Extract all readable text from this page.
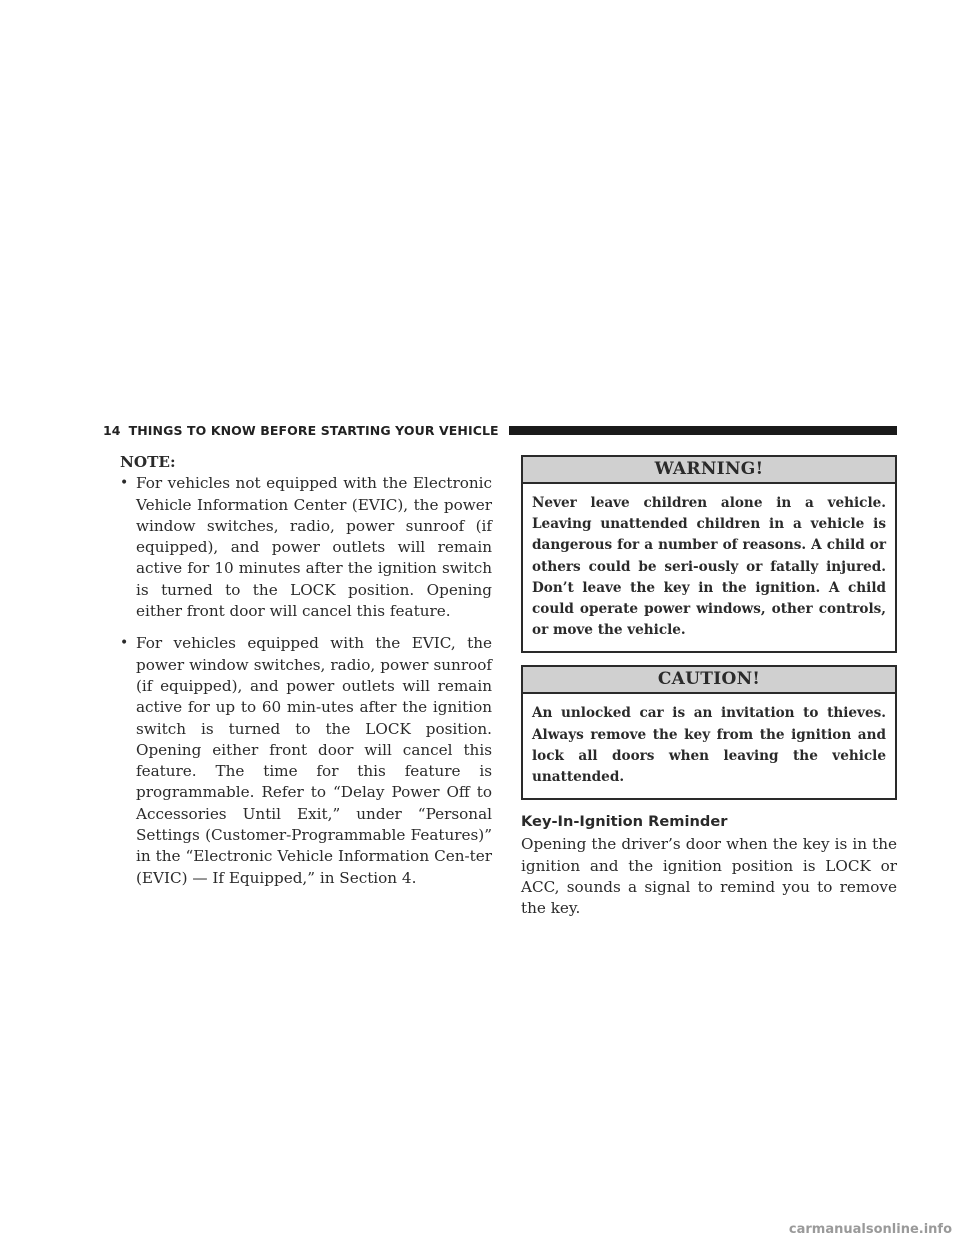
14 THINGS TO KNOW BEFORE STARTING YOUR VEHICLE
NOTE:
• For vehicles not equipped with the Electronic Vehicle Information Center (EVIC), the power window switches, radio, power sunroof (if equipped), and power outlets will remain active for 10 minutes after the ignition switch is turned to the LOCK position. Opening either front door will cancel this feature.
• For vehicles equipped with the EVIC, the power window switches, radio, power sunroof (if equipped), and power outlets will remain active for up to 60 min-utes after the ignition switch is turned to the LOCK position. Opening either front door will cancel this feature. The time for this feature is programmable. Refer to “Delay Power Off to Accessories Until Exit,” under “Personal Settings (Customer-Programmable Features)” in the “Electronic Vehicle Information Cen-ter (EVIC) — If Equipped,” in Section 4.
WARNING!
Never leave children alone in a vehicle. Leaving unattended children in a vehicle is dangerous for a number of reasons. A child or others could be seri-ously or fatally injured. Don’t leave the key in the ignition. A child could operate power windows, other controls, or move the vehicle.
CAUTION!
An unlocked car is an invitation to thieves. Always remove the key from the ignition and lock all doors when leaving the vehicle unattended.
Key-In-Ignition Reminder
Opening the driver’s door when the key is in the ignition and the ignition position is LOCK or ACC, sounds a signal to remind you to remove the key.
carmanualsonline.info
